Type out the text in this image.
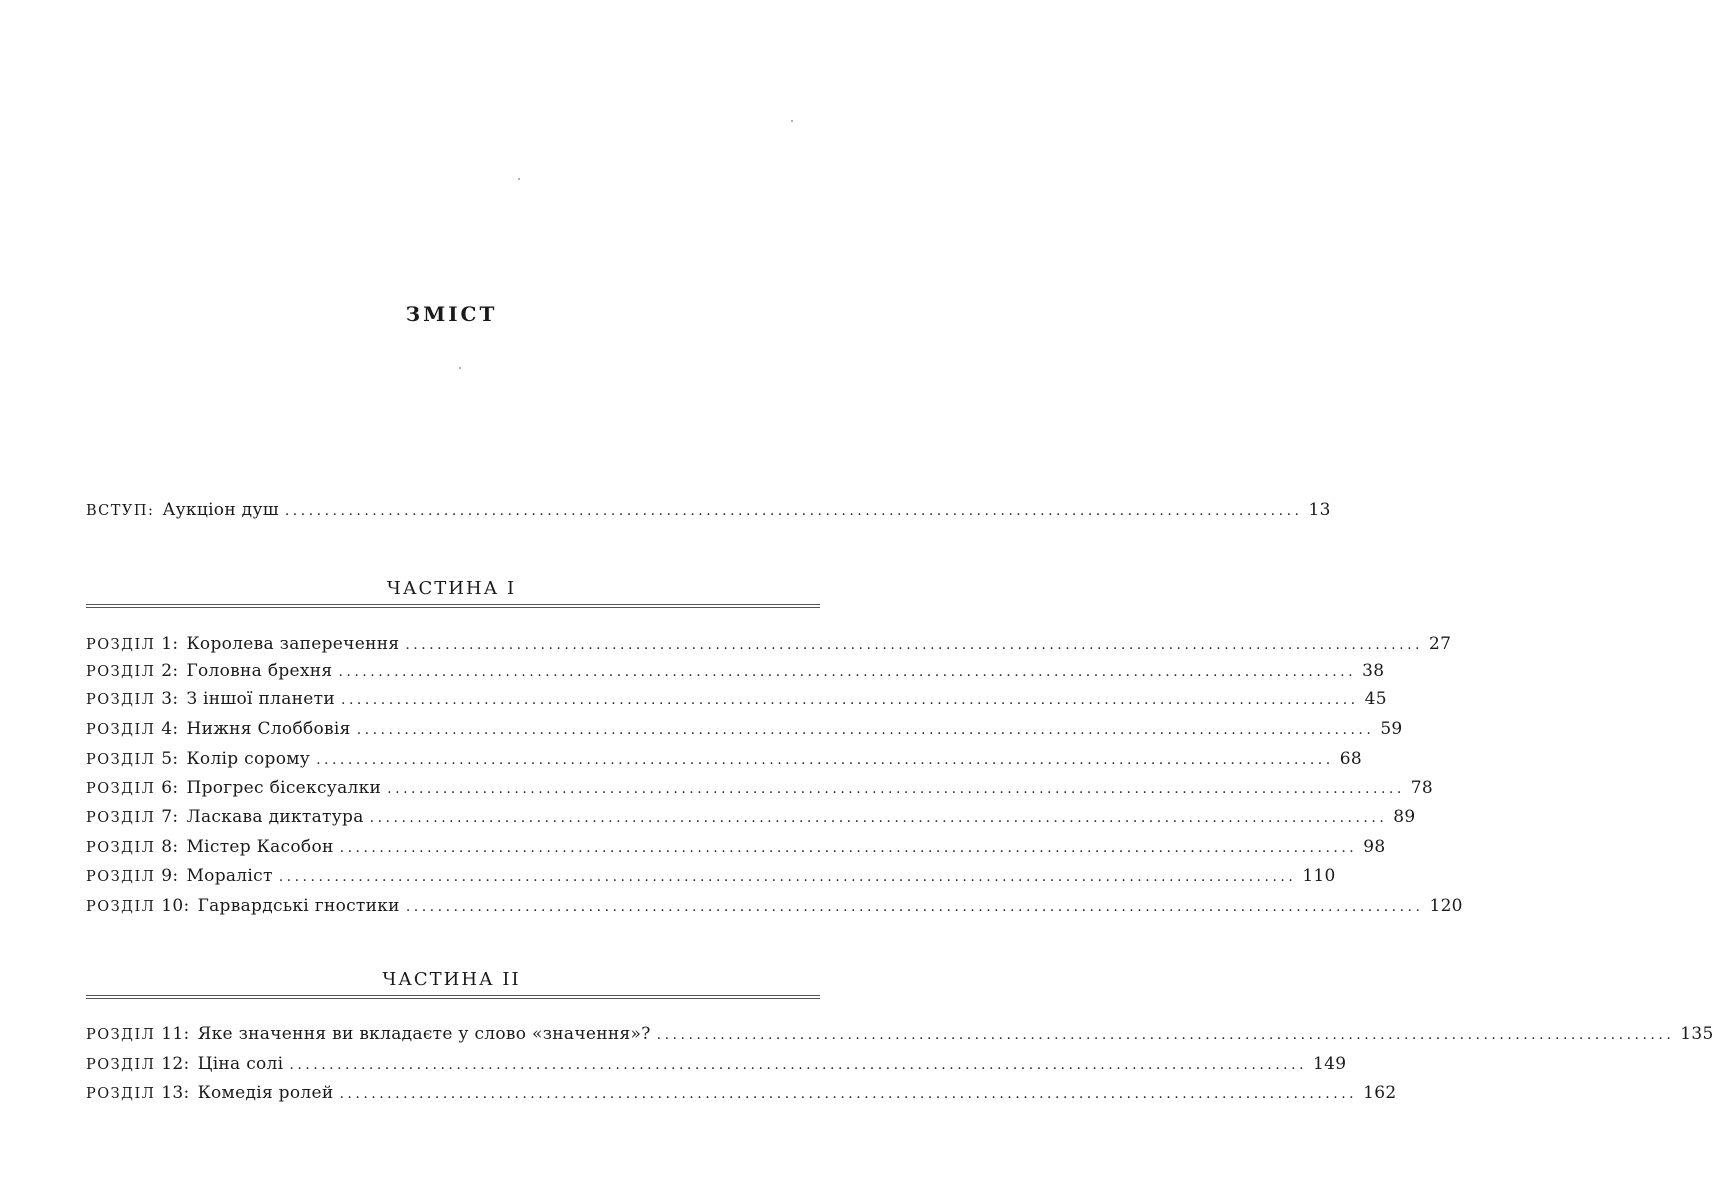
ЗМІСТ
ВСТУП: Аукціон душ ................................................................................................................................ 13
ЧАСТИНА I
РОЗДІЛ 1: Королева заперечення ................................................................................................................................ 27
РОЗДІЛ 2: Головна брехня ................................................................................................................................ 38
РОЗДІЛ 3: З іншої планети ................................................................................................................................ 45
РОЗДІЛ 4: Нижня Слоббовія ................................................................................................................................ 59
РОЗДІЛ 5: Колір сорому ................................................................................................................................ 68
РОЗДІЛ 6: Прогрес бісексуалки ................................................................................................................................ 78
РОЗДІЛ 7: Ласкава диктатура ................................................................................................................................ 89
РОЗДІЛ 8: Містер Касобон ................................................................................................................................ 98
РОЗДІЛ 9: Мораліст ................................................................................................................................ 110
РОЗДІЛ 10: Гарвардські гностики ................................................................................................................................ 120
ЧАСТИНА II
РОЗДІЛ 11: Яке значення ви вкладаєте у слово «значення»? ................................................................................................................................ 135
РОЗДІЛ 12: Ціна солі ................................................................................................................................ 149
РОЗДІЛ 13: Комедія ролей ................................................................................................................................ 162
